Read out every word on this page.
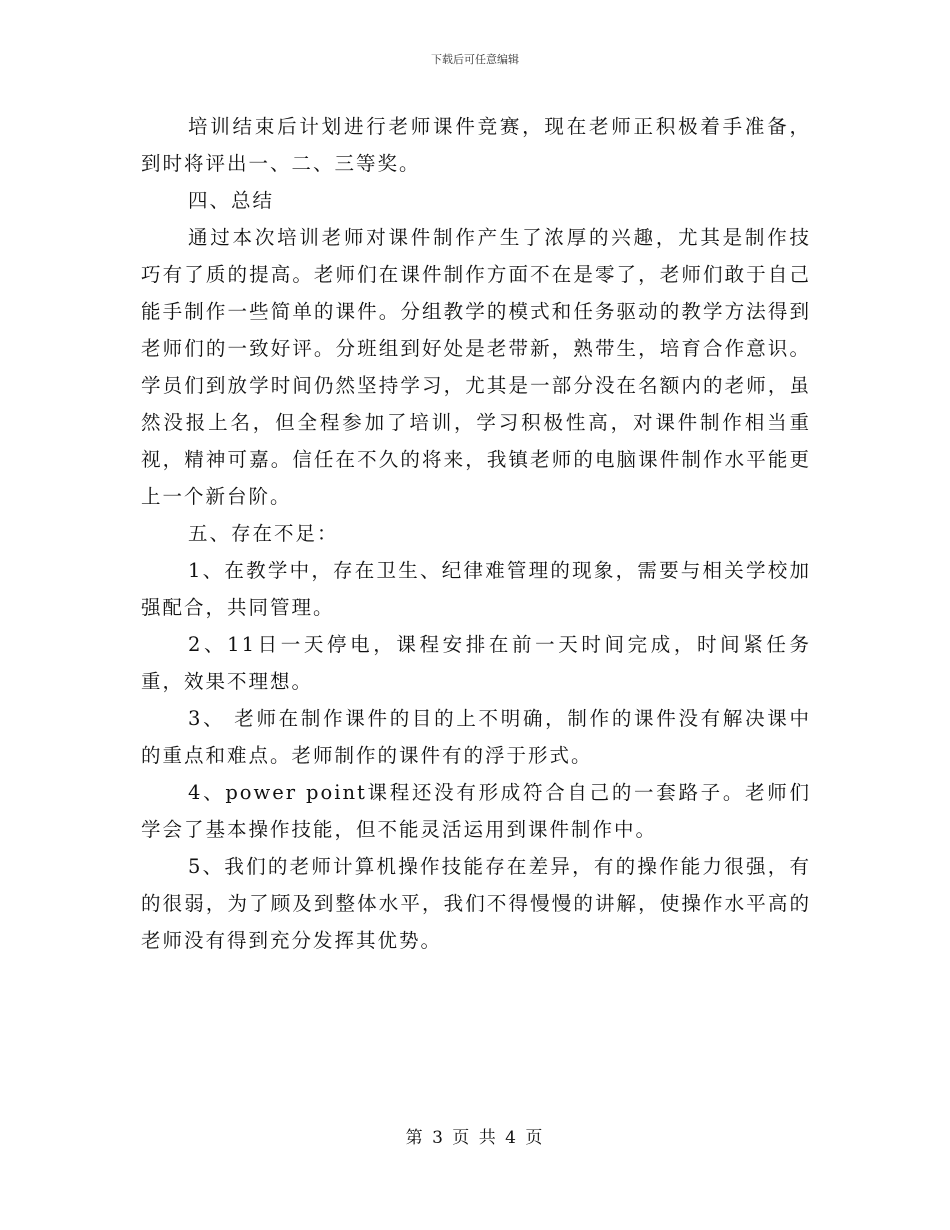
下载后可任意编辑

培训结束后计划进行老师课件竞赛，现在老师正积极着手准备，到时将评出一、二、三等奖。

四、总结

通过本次培训老师对课件制作产生了浓厚的兴趣，尤其是制作技巧有了质的提高。老师们在课件制作方面不在是零了，老师们敢于自己能手制作一些简单的课件。分组教学的模式和任务驱动的教学方法得到老师们的一致好评。分班组到好处是老带新，熟带生，培育合作意识。学员们到放学时间仍然坚持学习，尤其是一部分没在名额内的老师，虽然没报上名，但全程参加了培训，学习积极性高，对课件制作相当重视，精神可嘉。信任在不久的将来，我镇老师的电脑课件制作水平能更上一个新台阶。

五、存在不足：

1、在教学中，存在卫生、纪律难管理的现象，需要与相关学校加强配合，共同管理。

2、11日一天停电，课程安排在前一天时间完成，时间紧任务重，效果不理想。

3、 老师在制作课件的目的上不明确，制作的课件没有解决课中的重点和难点。老师制作的课件有的浮于形式。

4、power point课程还没有形成符合自己的一套路子。老师们学会了基本操作技能，但不能灵活运用到课件制作中。

5、我们的老师计算机操作技能存在差异，有的操作能力很强，有的很弱，为了顾及到整体水平，我们不得慢慢的讲解，使操作水平高的老师没有得到充分发挥其优势。

第 3 页 共 4 页
